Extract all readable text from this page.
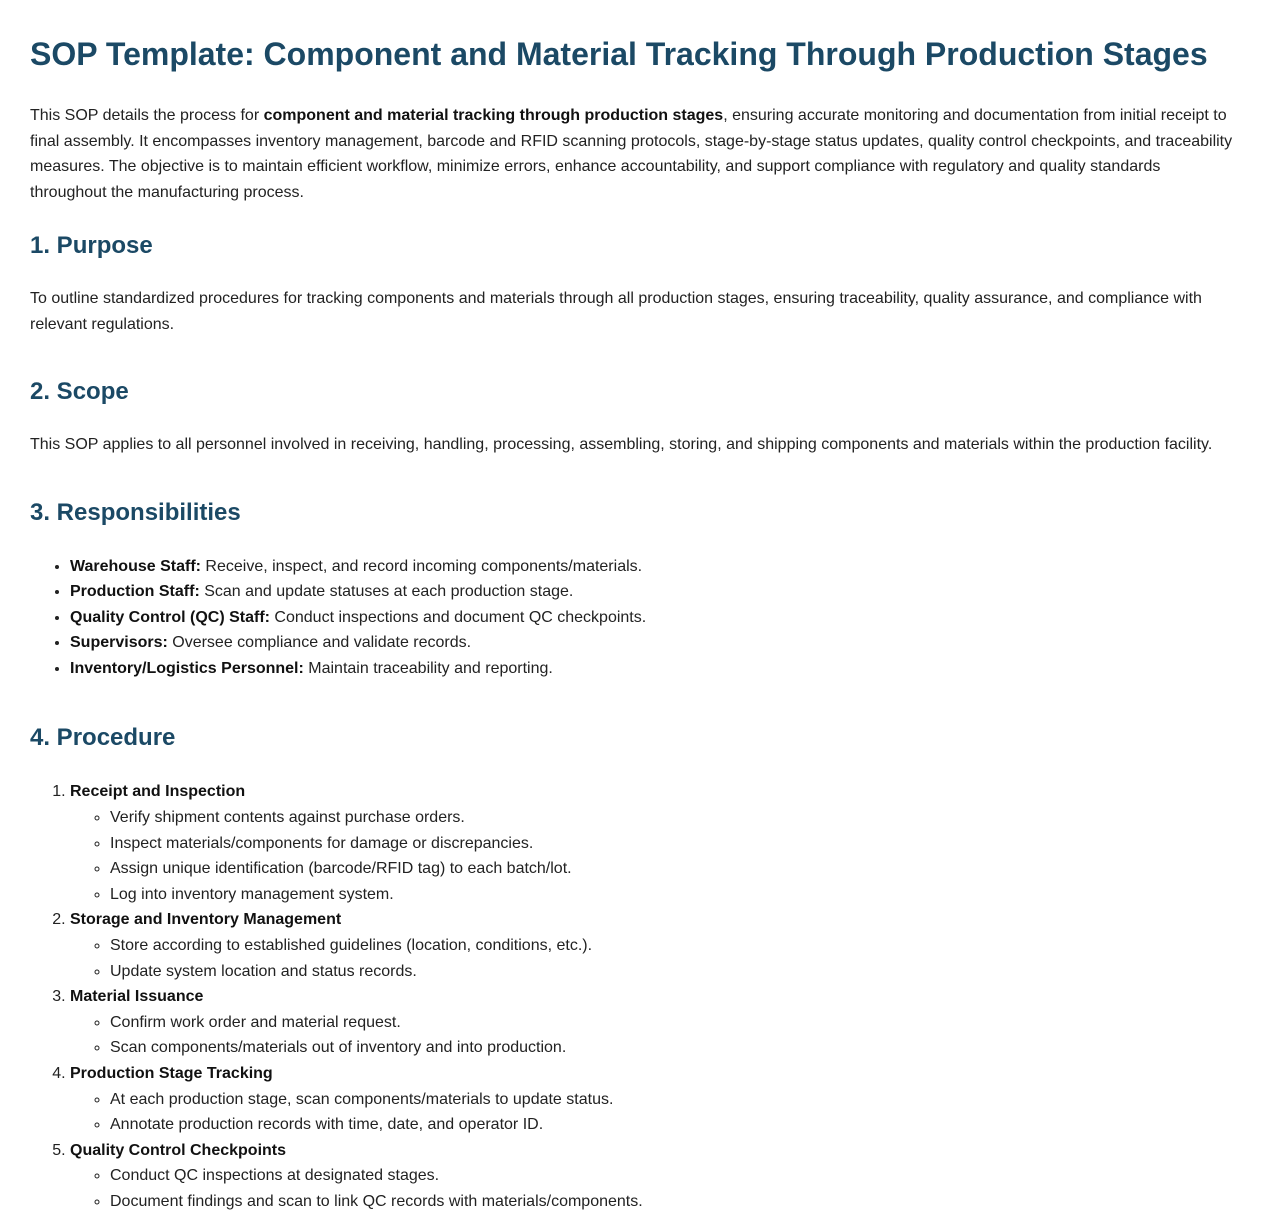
SOP Template: Component and Material Tracking Through Production Stages

This SOP details the process for component and material tracking through production stages, ensuring accurate monitoring and documentation from initial receipt to final assembly. It encompasses inventory management, barcode and RFID scanning protocols, stage-by-stage status updates, quality control checkpoints, and traceability measures. The objective is to maintain efficient workflow, minimize errors, enhance accountability, and support compliance with regulatory and quality standards throughout the manufacturing process.

1. Purpose

To outline standardized procedures for tracking components and materials through all production stages, ensuring traceability, quality assurance, and compliance with relevant regulations.

2. Scope

This SOP applies to all personnel involved in receiving, handling, processing, assembling, storing, and shipping components and materials within the production facility.

3. Responsibilities
• Warehouse Staff: Receive, inspect, and record incoming components/materials.
• Production Staff: Scan and update statuses at each production stage.
• Quality Control (QC) Staff: Conduct inspections and document QC checkpoints.
• Supervisors: Oversee compliance and validate records.
• Inventory/Logistics Personnel: Maintain traceability and reporting.
4. Procedure
1. Receipt and Inspection
◦ Verify shipment contents against purchase orders.
◦ Inspect materials/components for damage or discrepancies.
◦ Assign unique identification (barcode/RFID tag) to each batch/lot.
◦ Log into inventory management system.
2. Storage and Inventory Management
◦ Store according to established guidelines (location, conditions, etc.).
◦ Update system location and status records.
3. Material Issuance
◦ Confirm work order and material request.
◦ Scan components/materials out of inventory and into production.
4. Production Stage Tracking
◦ At each production stage, scan components/materials to update status.
◦ Annotate production records with time, date, and operator ID.
5. Quality Control Checkpoints
◦ Conduct QC inspections at designated stages.
◦ Document findings and scan to link QC records with materials/components.
